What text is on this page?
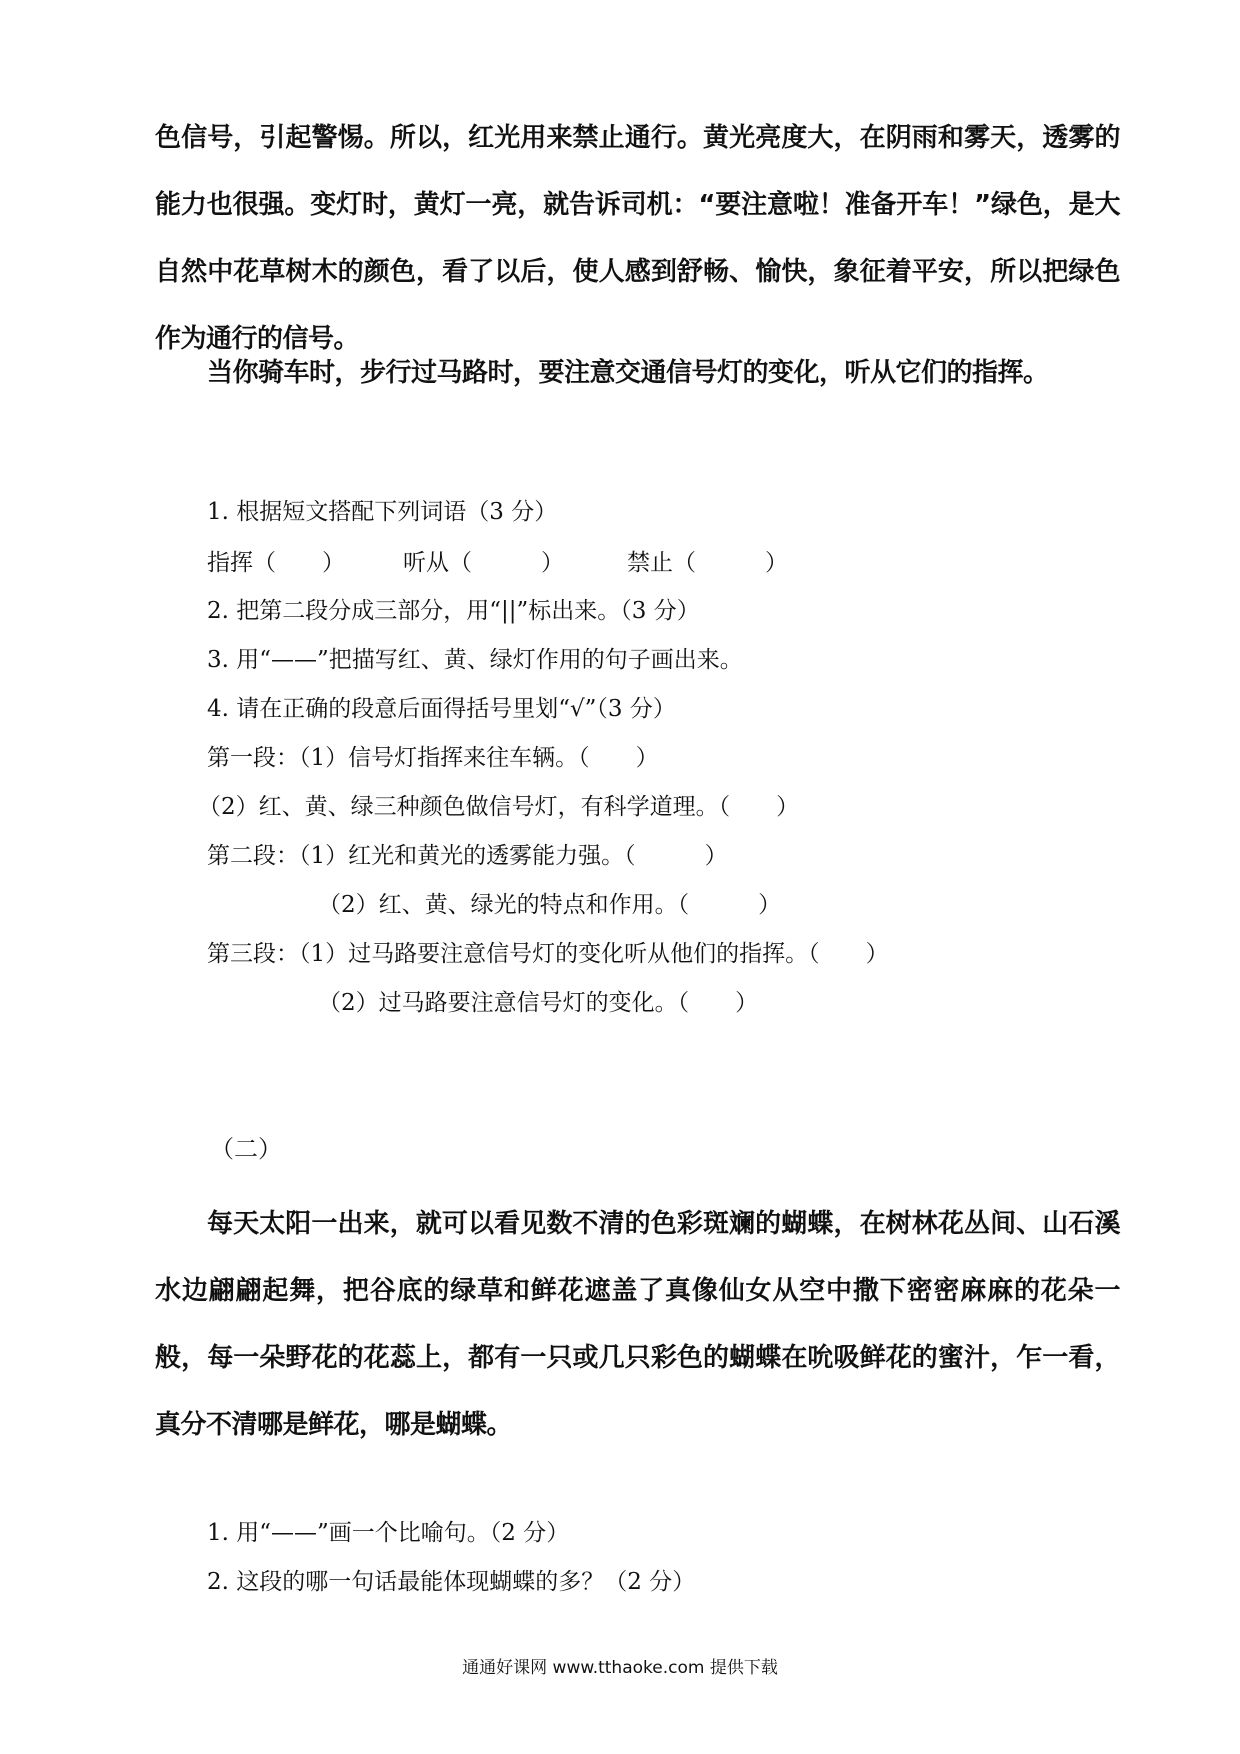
色信号，引起警惕。所以，红光用来禁止通行。黄光亮度大，在阴雨和雾天，透雾的能力也很强。变灯时，黄灯一亮，就告诉司机：“要注意啦！准备开车！”绿色，是大自然中花草树木的颜色，看了以后，使人感到舒畅、愉快，象征着平安，所以把绿色作为通行的信号。

当你骑车时，步行过马路时，要注意交通信号灯的变化，听从它们的指挥。

1. 根据短文搭配下列词语（3 分）

指挥（　　）	听从（　　　）	禁止（　　　）

2. 把第二段分成三部分，用“||”标出来。（3 分）

3. 用“——”把描写红、黄、绿灯作用的句子画出来。

4. 请在正确的段意后面得括号里划“√”（3 分）

第一段：（1）信号灯指挥来往车辆。（　　）

（2）红、黄、绿三种颜色做信号灯，有科学道理。（　　）

第二段：（1）红光和黄光的透雾能力强。（　　　）

（2）红、黄、绿光的特点和作用。（　　　）

第三段：（1）过马路要注意信号灯的变化听从他们的指挥。（　　）

（2）过马路要注意信号灯的变化。（　　）

（二）

每天太阳一出来，就可以看见数不清的色彩斑斓的蝴蝶，在树林花丛间、山石溪水边翩翩起舞，把谷底的绿草和鲜花遮盖了真像仙女从空中撒下密密麻麻的花朵一般，每一朵野花的花蕊上，都有一只或几只彩色的蝴蝶在吮吸鲜花的蜜汁，乍一看，真分不清哪是鲜花，哪是蝴蝶。

1. 用“——”画一个比喻句。（2 分）

2. 这段的哪一句话最能体现蝴蝶的多？（2 分）

通通好课网 www.tthaoke.com 提供下载
